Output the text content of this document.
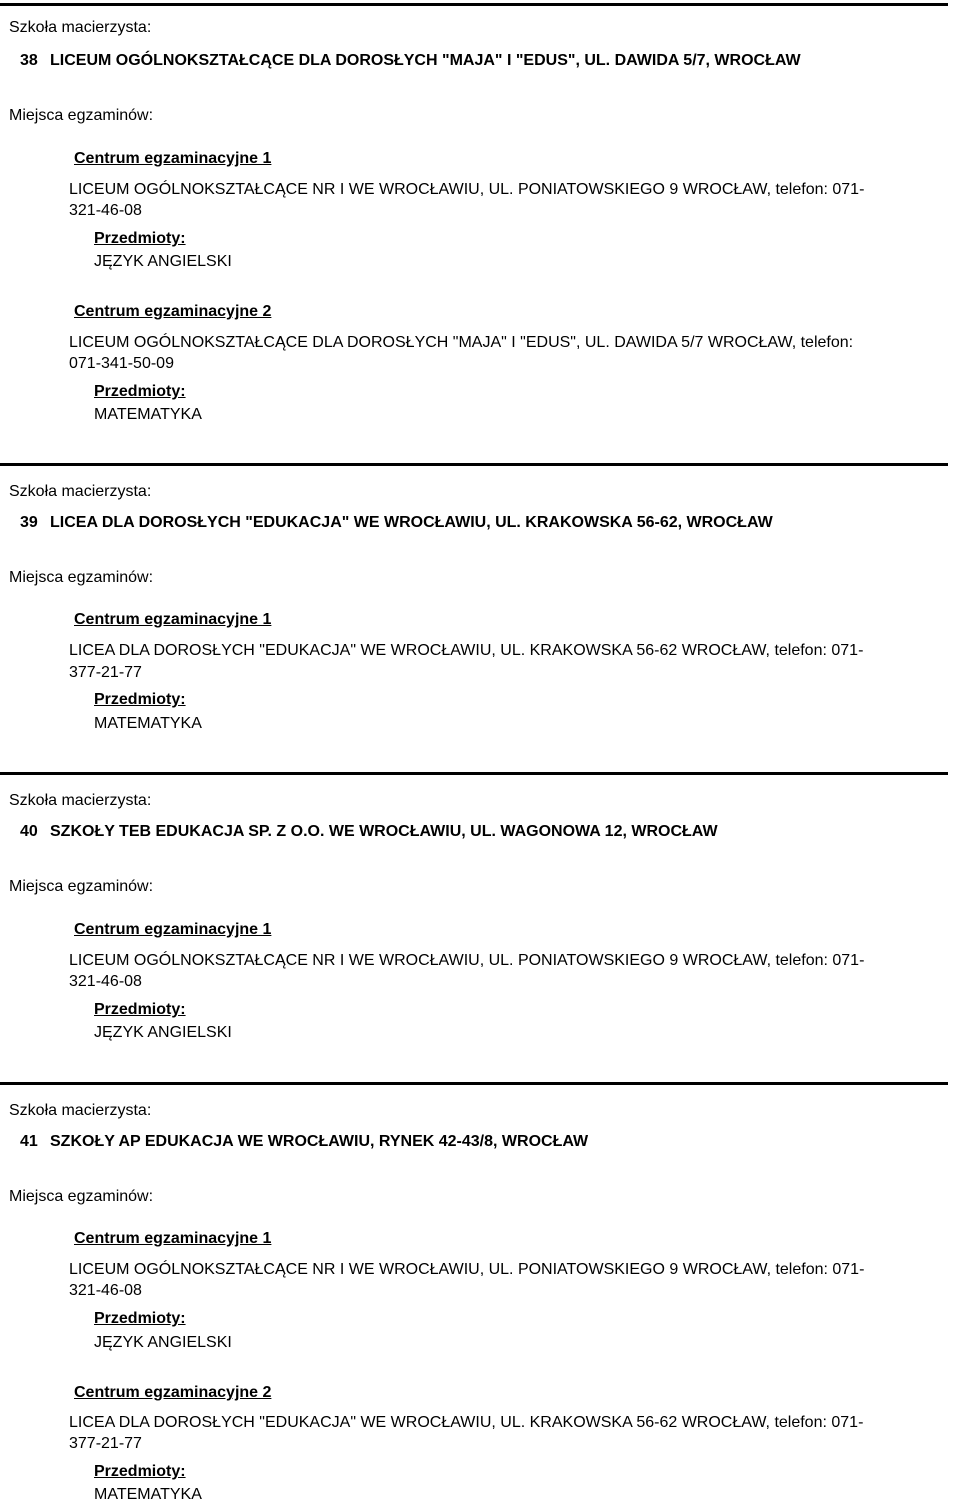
Szkoła macierzysta:
38 LICEUM OGÓLNOKSZTAŁCĄCE DLA DOROSŁYCH "MAJA" I "EDUS", UL. DAWIDA 5/7, WROCŁAW
Miejsca egzaminów:
Centrum egzaminacyjne 1
LICEUM OGÓLNOKSZTAŁCĄCE NR I WE WROCŁAWIU, UL. PONIATOWSKIEGO 9 WROCŁAW, telefon: 071-
321-46-08
Przedmioty:
JĘZYK ANGIELSKI
Centrum egzaminacyjne 2
LICEUM OGÓLNOKSZTAŁCĄCE DLA DOROSŁYCH "MAJA" I "EDUS", UL. DAWIDA 5/7 WROCŁAW, telefon:
071-341-50-09
Przedmioty:
MATEMATYKA
Szkoła macierzysta:
39 LICEA DLA DOROSŁYCH "EDUKACJA" WE WROCŁAWIU, UL. KRAKOWSKA 56-62, WROCŁAW
Miejsca egzaminów:
Centrum egzaminacyjne 1
LICEA DLA DOROSŁYCH "EDUKACJA" WE WROCŁAWIU, UL. KRAKOWSKA 56-62 WROCŁAW, telefon: 071-
377-21-77
Przedmioty:
MATEMATYKA
Szkoła macierzysta:
40 SZKOŁY TEB EDUKACJA SP. Z O.O. WE WROCŁAWIU, UL. WAGONOWA 12, WROCŁAW
Miejsca egzaminów:
Centrum egzaminacyjne 1
LICEUM OGÓLNOKSZTAŁCĄCE NR I WE WROCŁAWIU, UL. PONIATOWSKIEGO 9 WROCŁAW, telefon: 071-
321-46-08
Przedmioty:
JĘZYK ANGIELSKI
Szkoła macierzysta:
41 SZKOŁY AP EDUKACJA WE WROCŁAWIU, RYNEK 42-43/8, WROCŁAW
Miejsca egzaminów:
Centrum egzaminacyjne 1
LICEUM OGÓLNOKSZTAŁCĄCE NR I WE WROCŁAWIU, UL. PONIATOWSKIEGO 9 WROCŁAW, telefon: 071-
321-46-08
Przedmioty:
JĘZYK ANGIELSKI
Centrum egzaminacyjne 2
LICEA DLA DOROSŁYCH "EDUKACJA" WE WROCŁAWIU, UL. KRAKOWSKA 56-62 WROCŁAW, telefon: 071-
377-21-77
Przedmioty:
MATEMATYKA
